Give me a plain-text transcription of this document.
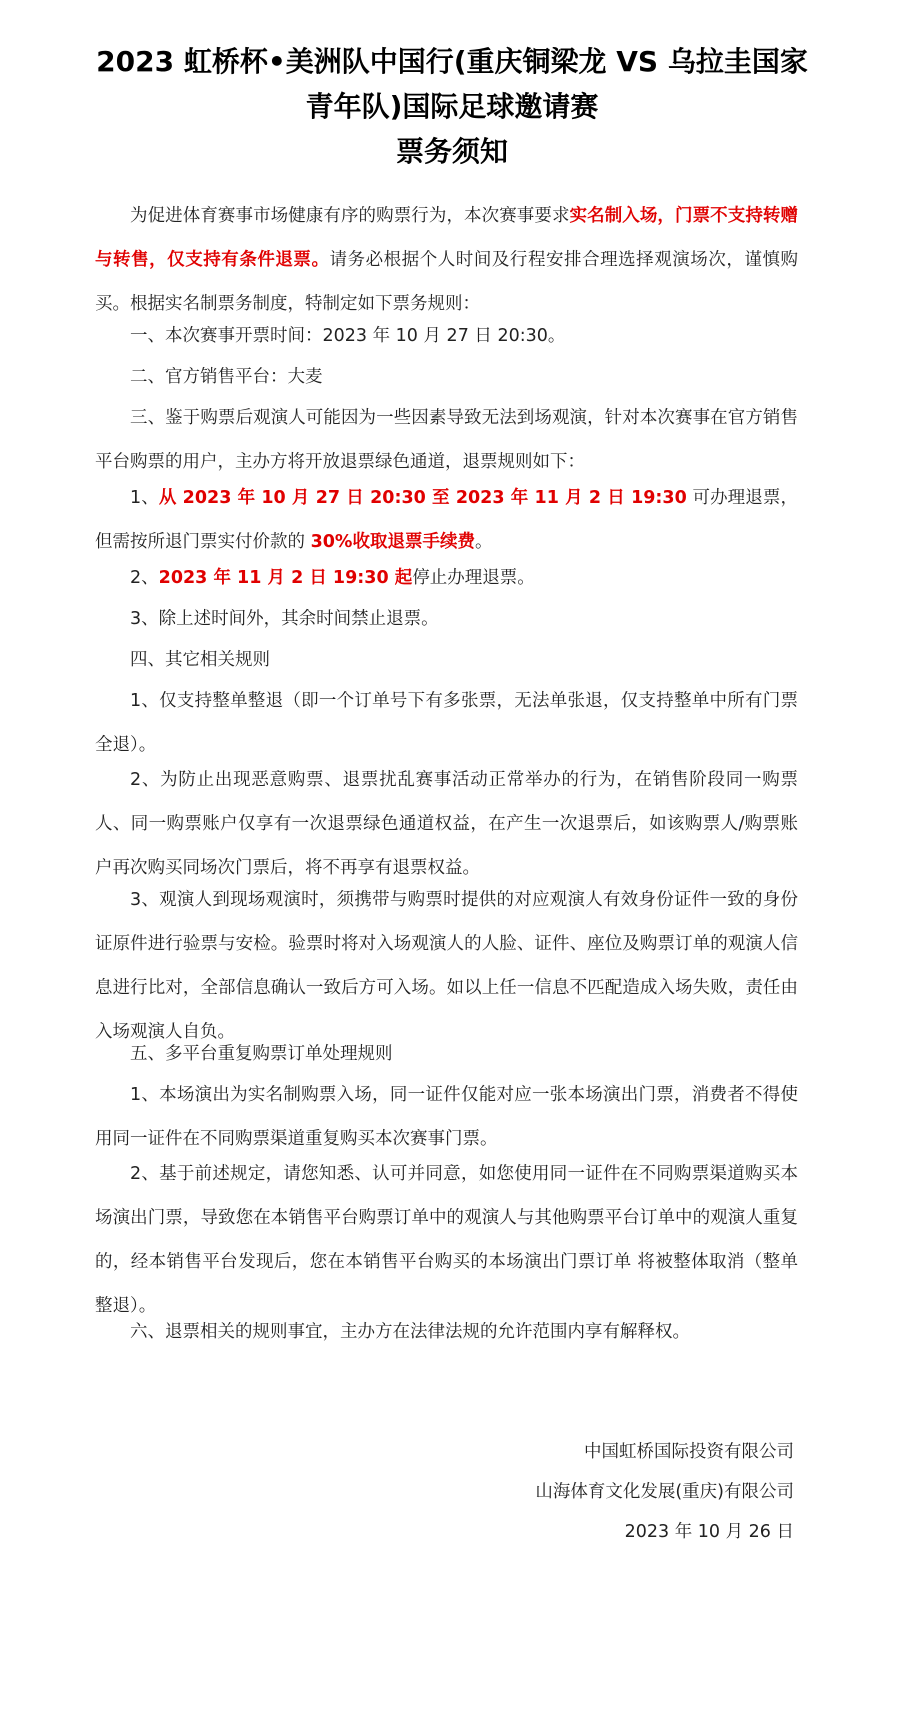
2023 虹桥杯•美洲队中国行(重庆铜梁龙 VS 乌拉圭国家
青年队)国际足球邀请赛
票务须知

为促进体育赛事市场健康有序的购票行为，本次赛事要求实名制入场，门票不支持转赠与转售，仅支持有条件退票。请务必根据个人时间及行程安排合理选择观演场次，谨慎购买。根据实名制票务制度，特制定如下票务规则：

一、本次赛事开票时间：2023 年 10 月 27 日 20:30。

二、官方销售平台：大麦

三、鉴于购票后观演人可能因为一些因素导致无法到场观演，针对本次赛事在官方销售平台购票的用户，主办方将开放退票绿色通道，退票规则如下：

1、从 2023 年 10 月 27 日 20:30 至 2023 年 11 月 2 日 19:30 可办理退票，但需按所退门票实付价款的 30%收取退票手续费。

2、2023 年 11 月 2 日 19:30 起停止办理退票。

3、除上述时间外，其余时间禁止退票。

四、其它相关规则

1、仅支持整单整退（即一个订单号下有多张票，无法单张退，仅支持整单中所有门票全退）。

2、为防止出现恶意购票、退票扰乱赛事活动正常举办的行为，在销售阶段同一购票人、同一购票账户仅享有一次退票绿色通道权益，在产生一次退票后，如该购票人/购票账户再次购买同场次门票后，将不再享有退票权益。

3、观演人到现场观演时，须携带与购票时提供的对应观演人有效身份证件一致的身份证原件进行验票与安检。验票时将对入场观演人的人脸、证件、座位及购票订单的观演人信息进行比对，全部信息确认一致后方可入场。如以上任一信息不匹配造成入场失败，责任由入场观演人自负。

五、多平台重复购票订单处理规则

1、本场演出为实名制购票入场，同一证件仅能对应一张本场演出门票，消费者不得使用同一证件在不同购票渠道重复购买本次赛事门票。

2、基于前述规定，请您知悉、认可并同意，如您使用同一证件在不同购票渠道购买本场演出门票，导致您在本销售平台购票订单中的观演人与其他购票平台订单中的观演人重复的，经本销售平台发现后，您在本销售平台购买的本场演出门票订单 将被整体取消（整单整退）。

六、退票相关的规则事宜，主办方在法律法规的允许范围内享有解释权。

中国虹桥国际投资有限公司
山海体育文化发展(重庆)有限公司
2023 年 10 月 26 日
